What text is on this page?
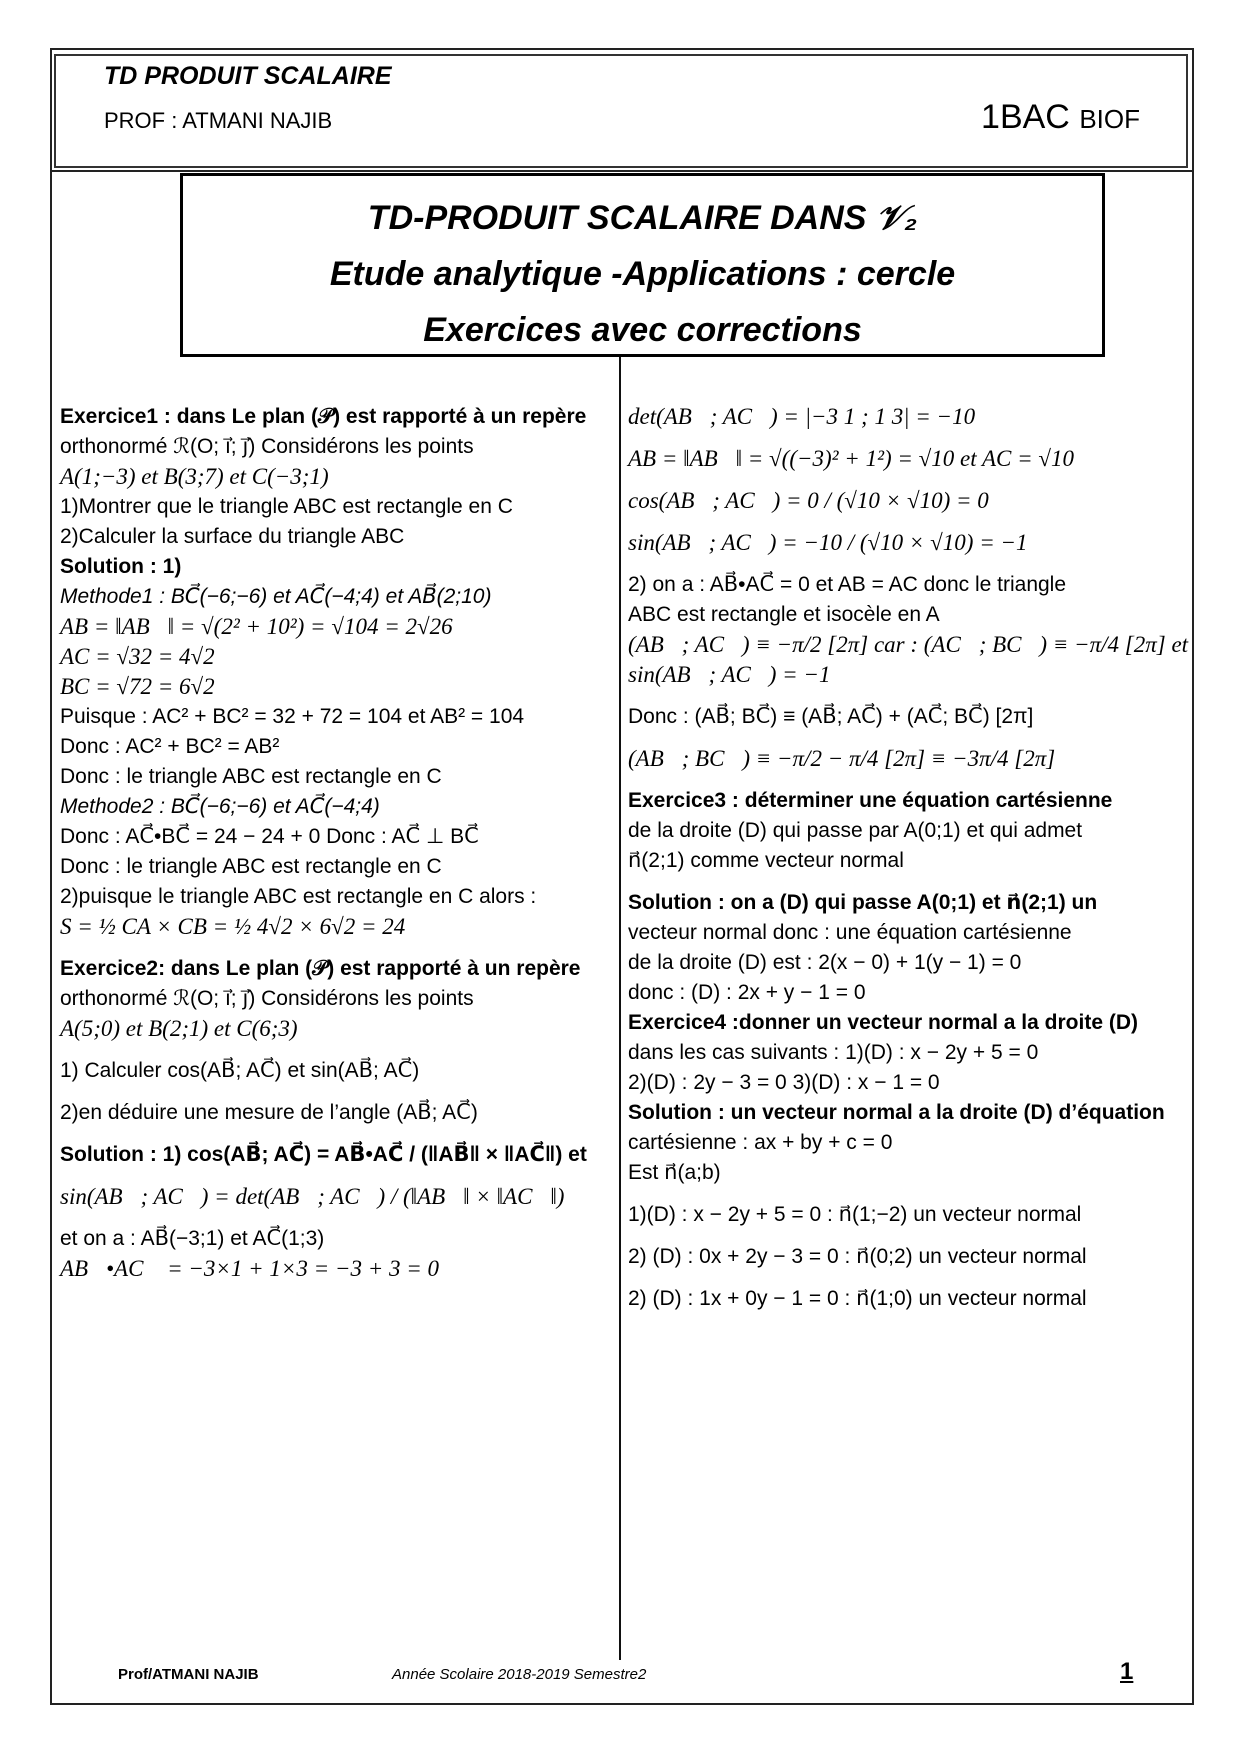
TD PRODUIT SCALAIRE
PROF : ATMANI NAJIB	1BAC BIOF
TD-PRODUIT SCALAIRE DANS 𝒱₂
Etude analytique -Applications : cercle
Exercices avec corrections
Exercice1 : dans Le plan (𝒫) est rapporté à un repère
orthonormé ℛ(O; i⃗; j⃗) Considérons les points
A(1;−3) et B(3;7) et C(−3;1)
1)Montrer que le triangle ABC est rectangle en C
2)Calculer la surface du triangle ABC
Solution : 1)
Methode1 : BC⃗(−6;−6) et AC⃗(−4;4) et AB⃗(2;10)
AB = ‖AB⃗‖ = √(2² + 10²) = √104 = 2√26
AC = √32 = 4√2
BC = √72 = 6√2
Puisque : AC² + BC² = 32 + 72 = 104 et AB² = 104
Donc : AC² + BC² = AB²
Donc : le triangle ABC est rectangle en C
Methode2 : BC⃗(−6;−6) et AC⃗(−4;4)
Donc : AC⃗•BC⃗ = 24 − 24 + 0 Donc : AC⃗ ⊥ BC⃗
Donc : le triangle ABC est rectangle en C
2)puisque le triangle ABC est rectangle en C alors :
S = ½ CA × CB = ½ 4√2 × 6√2 = 24
Exercice2: dans Le plan (𝒫) est rapporté à un repère
orthonormé ℛ(O; i⃗; j⃗) Considérons les points
A(5;0) et B(2;1) et C(6;3)
1) Calculer cos(AB⃗; AC⃗) et sin(AB⃗; AC⃗)
2)en déduire une mesure de l’angle (AB⃗; AC⃗)
Solution : 1) cos(AB⃗; AC⃗) = AB⃗•AC⃗ / (‖AB⃗‖ × ‖AC⃗‖) et
sin(AB⃗; AC⃗) = det(AB⃗; AC⃗) / (‖AB⃗‖ × ‖AC⃗‖)
et on a : AB⃗(−3;1) et AC⃗(1;3)
AB⃗•AC⃗ = −3×1 + 1×3 = −3 + 3 = 0
det(AB⃗; AC⃗) = |−3 1 ; 1 3| = −10
AB = ‖AB⃗‖ = √((−3)² + 1²) = √10 et AC = √10
cos(AB⃗; AC⃗) = 0 / (√10 × √10) = 0
sin(AB⃗; AC⃗) = −10 / (√10 × √10) = −1
2) on a : AB⃗•AC⃗ = 0 et AB = AC donc le triangle
ABC est rectangle et isocèle en A
(AB⃗; AC⃗) ≡ −π/2 [2π] car : (AC⃗; BC⃗) ≡ −π/4 [2π] et
sin(AB⃗; AC⃗) = −1
Donc : (AB⃗; BC⃗) ≡ (AB⃗; AC⃗) + (AC⃗; BC⃗) [2π]
(AB⃗; BC⃗) ≡ −π/2 − π/4 [2π] ≡ −3π/4 [2π]
Exercice3 : déterminer une équation cartésienne
de la droite (D) qui passe par A(0;1) et qui admet
n⃗(2;1) comme vecteur normal
Solution : on a (D) qui passe A(0;1) et n⃗(2;1) un
vecteur normal donc : une équation cartésienne
de la droite (D) est : 2(x − 0) + 1(y − 1) = 0
donc : (D) : 2x + y − 1 = 0
Exercice4 :donner un vecteur normal a la droite (D)
dans les cas suivants : 1)(D) : x − 2y + 5 = 0
2)(D) : 2y − 3 = 0 3)(D) : x − 1 = 0
Solution : un vecteur normal a la droite (D) d’équation
cartésienne : ax + by + c = 0
Est n⃗(a;b)
1)(D) : x − 2y + 5 = 0 : n⃗(1;−2) un vecteur normal
2) (D) : 0x + 2y − 3 = 0 : n⃗(0;2) un vecteur normal
2) (D) : 1x + 0y − 1 = 0 : n⃗(1;0) un vecteur normal
Prof/ATMANI NAJIB	Année Scolaire 2018-2019 Semestre2	1
